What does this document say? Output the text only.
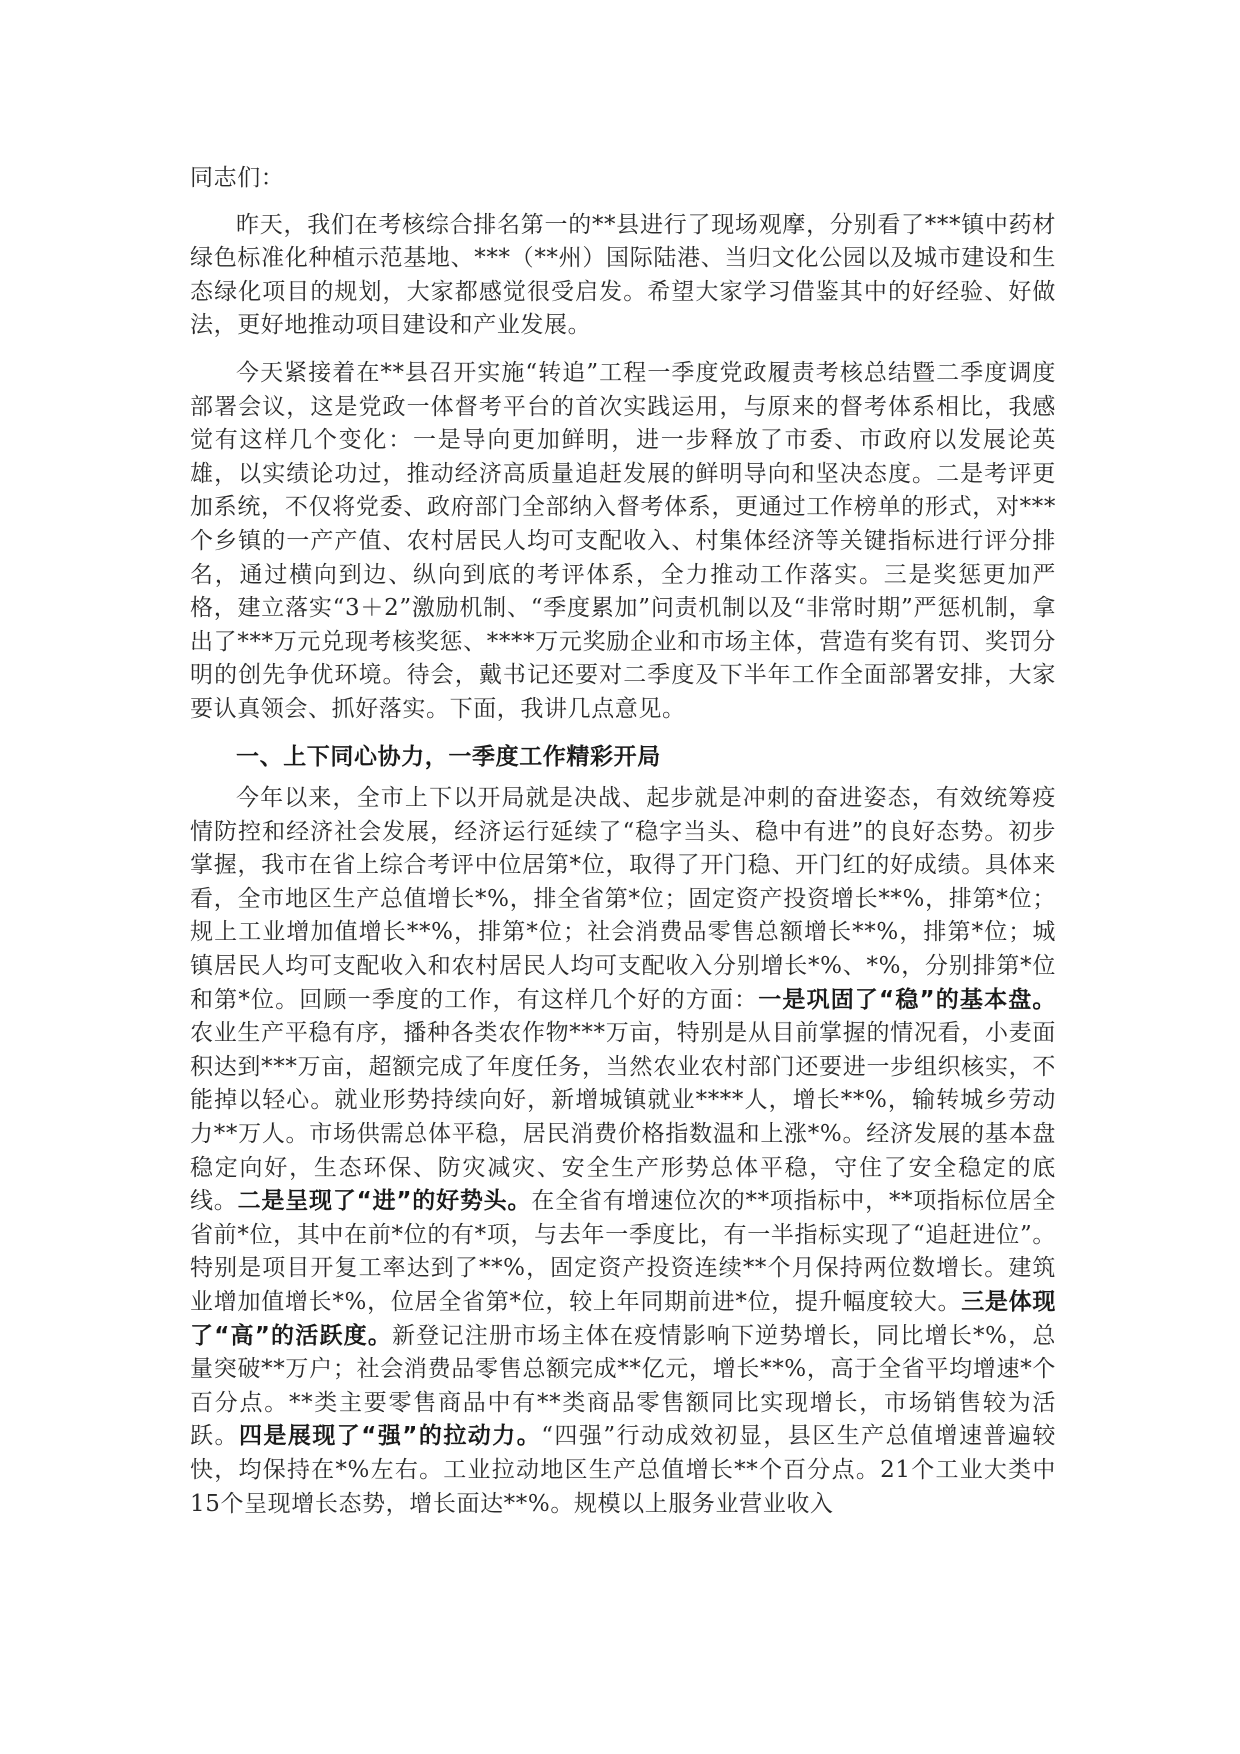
同志们：

昨天，我们在考核综合排名第一的**县进行了现场观摩，分别看了***镇中药材绿色标准化种植示范基地、***（**州）国际陆港、当归文化公园以及城市建设和生态绿化项目的规划，大家都感觉很受启发。希望大家学习借鉴其中的好经验、好做法，更好地推动项目建设和产业发展。

今天紧接着在**县召开实施“转追”工程一季度党政履责考核总结暨二季度调度部署会议，这是党政一体督考平台的首次实践运用，与原来的督考体系相比，我感觉有这样几个变化：一是导向更加鲜明，进一步释放了市委、市政府以发展论英雄，以实绩论功过，推动经济高质量追赶发展的鲜明导向和坚决态度。二是考评更加系统，不仅将党委、政府部门全部纳入督考体系，更通过工作榜单的形式，对***个乡镇的一产产值、农村居民人均可支配收入、村集体经济等关键指标进行评分排名，通过横向到边、纵向到底的考评体系，全力推动工作落实。三是奖惩更加严格，建立落实“3＋2”激励机制、“季度累加”问责机制以及“非常时期”严惩机制，拿出了***万元兑现考核奖惩、****万元奖励企业和市场主体，营造有奖有罚、奖罚分明的创先争优环境。待会，戴书记还要对二季度及下半年工作全面部署安排，大家要认真领会、抓好落实。下面，我讲几点意见。

一、上下同心协力，一季度工作精彩开局

今年以来，全市上下以开局就是决战、起步就是冲刺的奋进姿态，有效统筹疫情防控和经济社会发展，经济运行延续了“稳字当头、稳中有进”的良好态势。初步掌握，我市在省上综合考评中位居第*位，取得了开门稳、开门红的好成绩。具体来看，全市地区生产总值增长*%，排全省第*位；固定资产投资增长**%，排第*位；规上工业增加值增长**%，排第*位；社会消费品零售总额增长**%，排第*位；城镇居民人均可支配收入和农村居民人均可支配收入分别增长*%、*%，分别排第*位和第*位。回顾一季度的工作，有这样几个好的方面：一是巩固了“稳”的基本盘。农业生产平稳有序，播种各类农作物***万亩，特别是从目前掌握的情况看，小麦面积达到***万亩，超额完成了年度任务，当然农业农村部门还要进一步组织核实，不能掉以轻心。就业形势持续向好，新增城镇就业****人，增长**%，输转城乡劳动力**万人。市场供需总体平稳，居民消费价格指数温和上涨*%。经济发展的基本盘稳定向好，生态环保、防灾减灾、安全生产形势总体平稳，守住了安全稳定的底线。二是呈现了“进”的好势头。在全省有增速位次的**项指标中，**项指标位居全省前*位，其中在前*位的有*项，与去年一季度比，有一半指标实现了“追赶进位”。特别是项目开复工率达到了**%，固定资产投资连续**个月保持两位数增长。建筑业增加值增长*%，位居全省第*位，较上年同期前进*位，提升幅度较大。三是体现了“高”的活跃度。新登记注册市场主体在疫情影响下逆势增长，同比增长*%，总量突破**万户；社会消费品零售总额完成**亿元，增长**%，高于全省平均增速*个百分点。**类主要零售商品中有**类商品零售额同比实现增长，市场销售较为活跃。四是展现了“强”的拉动力。“四强”行动成效初显，县区生产总值增速普遍较快，均保持在*%左右。工业拉动地区生产总值增长**个百分点。21个工业大类中15个呈现增长态势，增长面达**%。规模以上服务业营业收入
